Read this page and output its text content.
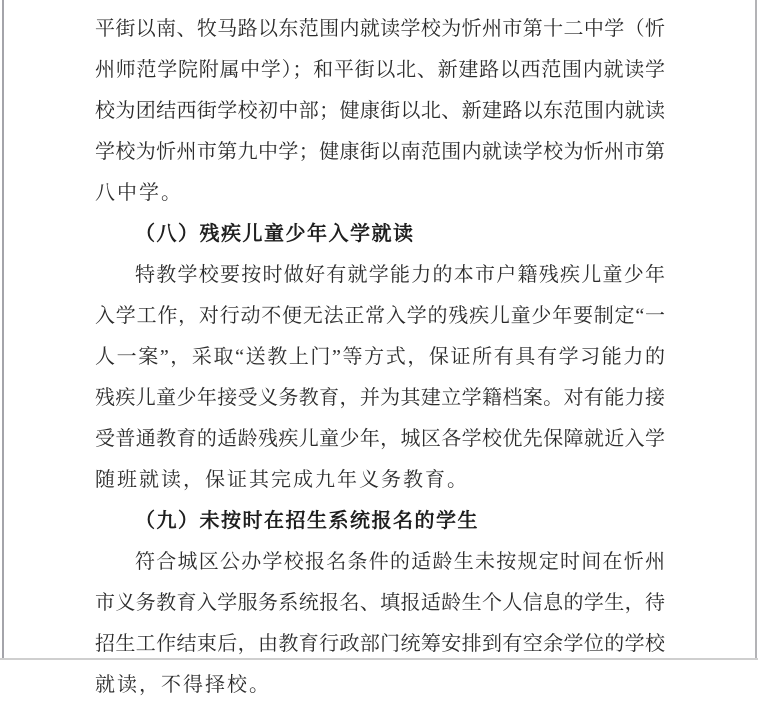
平街以南、牧马路以东范围内就读学校为忻州市第十二中学（忻
州师范学院附属中学）；和平街以北、新建路以西范围内就读学
校为团结西街学校初中部；健康街以北、新建路以东范围内就读
学校为忻州市第九中学；健康街以南范围内就读学校为忻州市第
八中学。
（八）残疾儿童少年入学就读
特教学校要按时做好有就学能力的本市户籍残疾儿童少年
入学工作，对行动不便无法正常入学的残疾儿童少年要制定“一
人一案”，采取“送教上门”等方式，保证所有具有学习能力的
残疾儿童少年接受义务教育，并为其建立学籍档案。对有能力接
受普通教育的适龄残疾儿童少年，城区各学校优先保障就近入学
随班就读，保证其完成九年义务教育。
（九）未按时在招生系统报名的学生
符合城区公办学校报名条件的适龄生未按规定时间在忻州
市义务教育入学服务系统报名、填报适龄生个人信息的学生，待
招生工作结束后，由教育行政部门统筹安排到有空余学位的学校
就读，不得择校。
